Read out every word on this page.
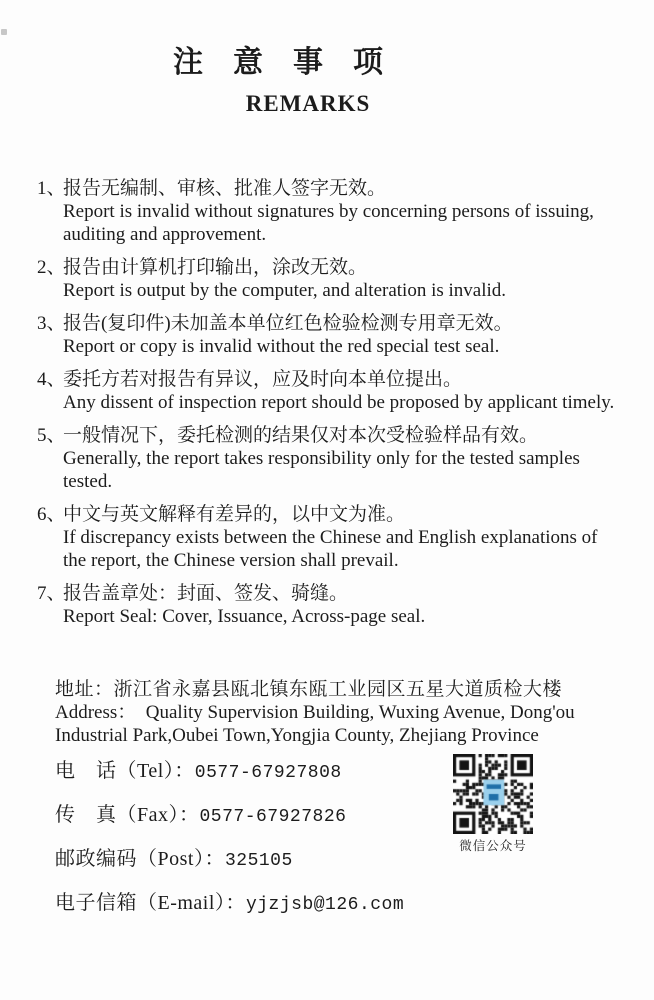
注意事项
REMARKS
1、
报告无编制、审核、批准人签字无效。
Report is invalid without signatures by concerning persons of issuing, auditing and approvement.
2、
报告由计算机打印输出，涂改无效。
Report is output by the computer, and alteration is invalid.
3、
报告(复印件)未加盖本单位红色检验检测专用章无效。
Report or copy is invalid without the red special test seal.
4、
委托方若对报告有异议，应及时向本单位提出。
Any dissent of inspection report should be proposed by applicant timely.
5、
一般情况下，委托检测的结果仅对本次受检验样品有效。
Generally, the report takes responsibility only for the tested samples tested.
6、
中文与英文解释有差异的，以中文为准。
If discrepancy exists between the Chinese and English explanations of the report, the Chinese version shall prevail.
7、
报告盖章处：封面、签发、骑缝。
Report Seal: Cover, Issuance, Across-page seal.
地址：浙江省永嘉县瓯北镇东瓯工业园区五星大道质检大楼
Address：  Quality Supervision Building, Wuxing Avenue, Dong'ou Industrial Park,Oubei Town,Yongjia County, Zhejiang Province
电　话（Tel）：0577-67927808
传　真（Fax）：0577-67927826
邮政编码（Post）：325105
电子信箱（E-mail）：yjzjsb@126.com
微信公众号
